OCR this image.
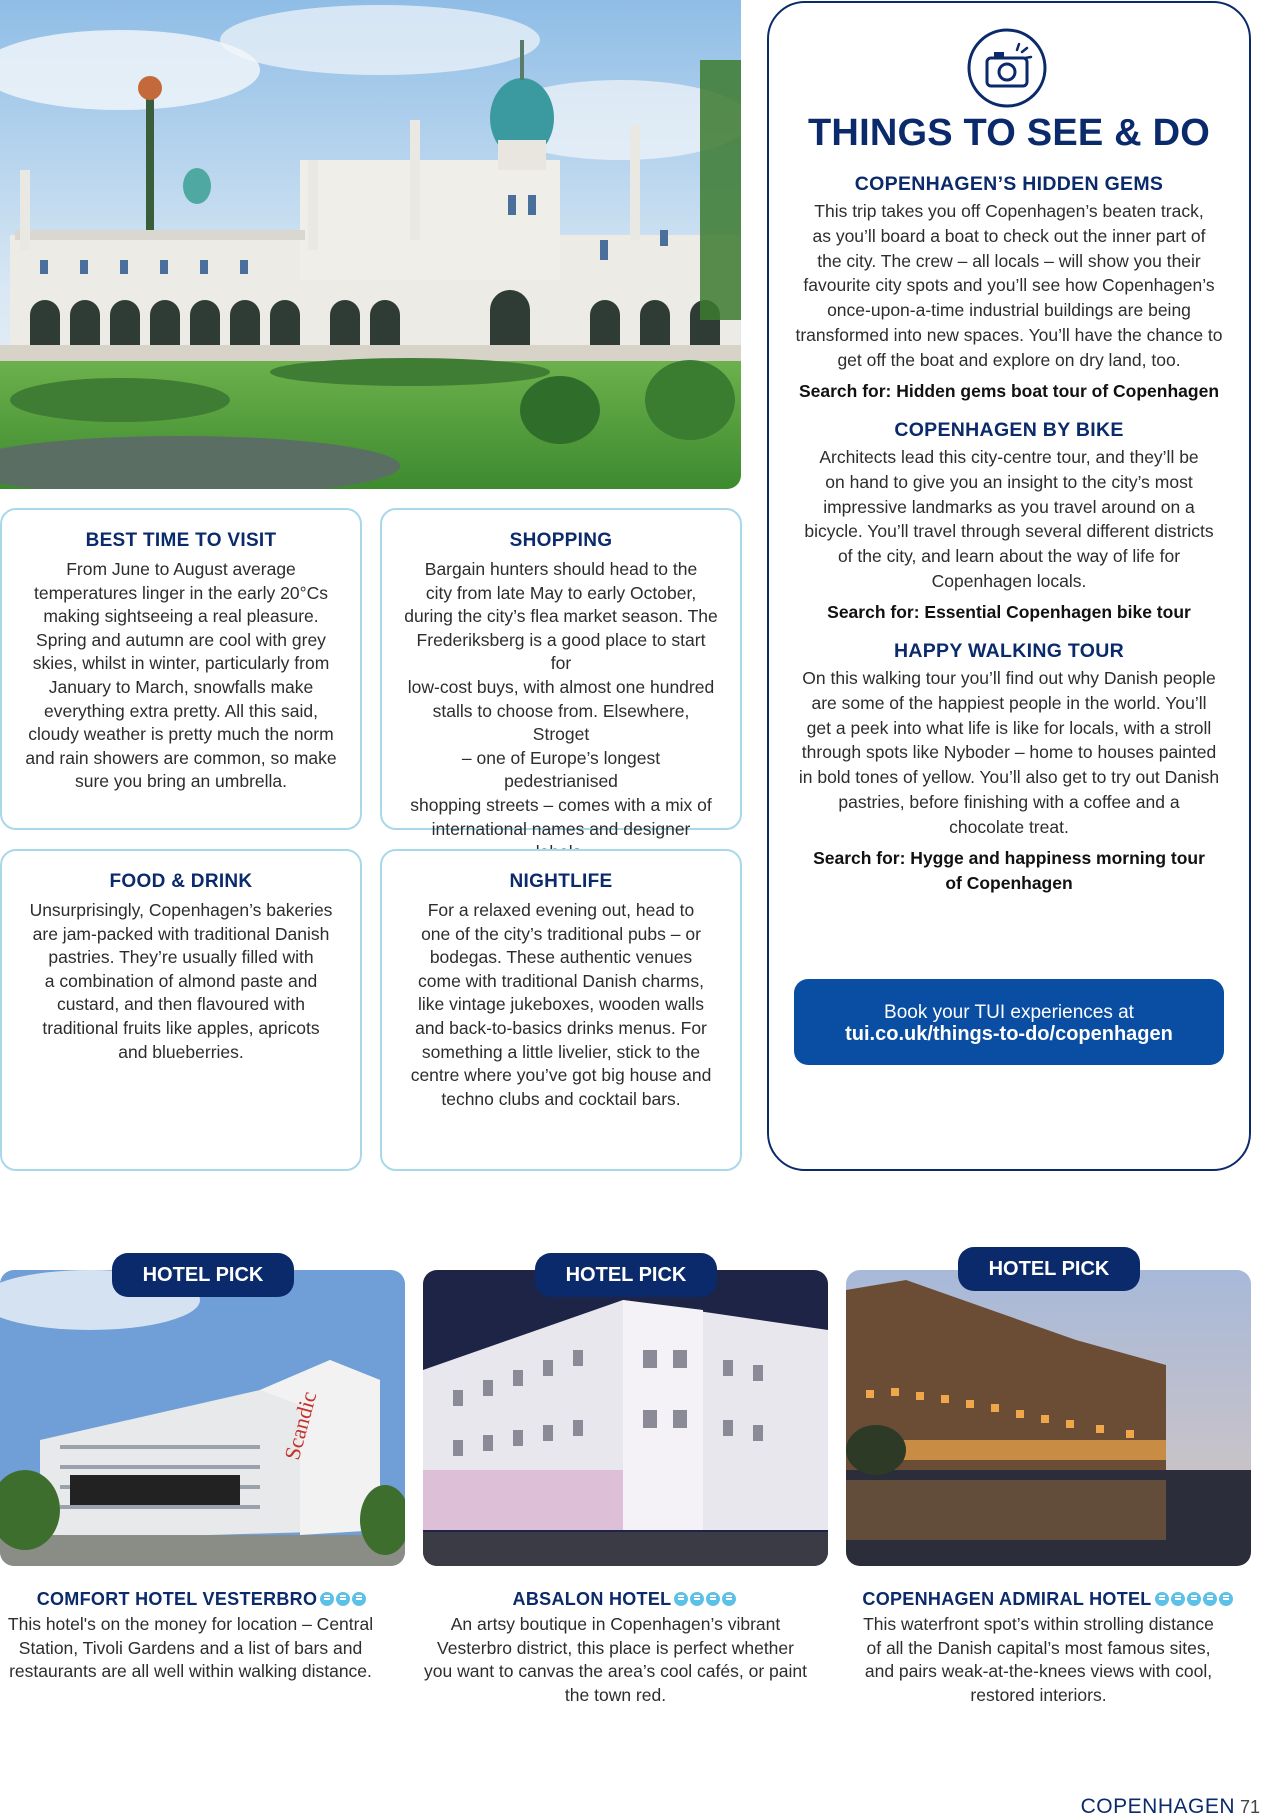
BEST TIME TO VISIT

From June to August average
temperatures linger in the early 20°Cs
making sightseeing a real pleasure.
Spring and autumn are cool with grey
skies, whilst in winter, particularly from
January to March, snowfalls make
everything extra pretty. All this said,
cloudy weather is pretty much the norm
and rain showers are common, so make
sure you bring an umbrella.

SHOPPING

Bargain hunters should head to the
city from late May to early October,
during the city’s flea market season. The
Frederiksberg is a good place to start for
low-cost buys, with almost one hundred
stalls to choose from. Elsewhere, Stroget
– one of Europe’s longest pedestrianised
shopping streets – comes with a mix of
international names and designer

FOOD & DRINK

Unsurprisingly, Copenhagen’s bakeries
are jam-packed with traditional Danish
pastries. They’re usually filled with
a combination of almond paste and
custard, and then flavoured with
traditional fruits like apples, apricots
and blueberries.

NIGHTLIFE

For a relaxed evening out, head to
one of the city’s traditional pubs – or
bodegas. These authentic venues
come with traditional Danish charms,
like vintage jukeboxes, wooden walls
and back-to-basics drinks menus. For
something a little livelier, stick to the
centre where you’ve got big house and
techno clubs and cocktail bars.

THINGS TO SEE & DO
COPENHAGEN’S HIDDEN GEMS

This trip takes you off Copenhagen’s beaten track,
as you’ll board a boat to check out the inner part of
the city. The crew – all locals – will show you their
favourite city spots and you’ll see how Copenhagen’s
once-upon-a-time industrial buildings are being
transformed into new spaces. You’ll have the chance to
get off the boat and explore on dry land, too.

Search for: Hidden gems boat tour of Copenhagen

COPENHAGEN BY BIKE

Architects lead this city-centre tour, and they’ll be
on hand to give you an insight to the city’s most
impressive landmarks as you travel around on a
bicycle. You’ll travel through several different districts
of the city, and learn about the way of life for
Copenhagen locals.

Search for: Essential Copenhagen bike tour

HAPPY WALKING TOUR

On this walking tour you’ll find out why Danish people
are some of the happiest people in the world. You’ll
get a peek into what life is like for locals, with a stroll
through spots like Nyboder – home to houses painted
in bold tones of yellow. You’ll also get to try out Danish
pastries, before finishing with a coffee and a
chocolate treat.

Search for: Hygge and happiness morning tour
of Copenhagen

Book your TUI experiences at
tui.co.uk/things-to-do/copenhagen
Scandic
HOTEL PICK
COMFORT HOTEL VESTERBRO

This hotel's on the money for location – Central
Station, Tivoli Gardens and a list of bars and
restaurants are all well within walking distance.

HOTEL PICK
ABSALON HOTEL

An artsy boutique in Copenhagen’s vibrant
Vesterbro district, this place is perfect whether
you want to canvas the area’s cool cafés, or paint
the town red.

HOTEL PICK
COPENHAGEN ADMIRAL HOTEL

This waterfront spot’s within strolling distance
of all the Danish capital’s most famous sites,
and pairs weak-at-the-knees views with cool,
restored interiors.

COPENHAGEN 71
